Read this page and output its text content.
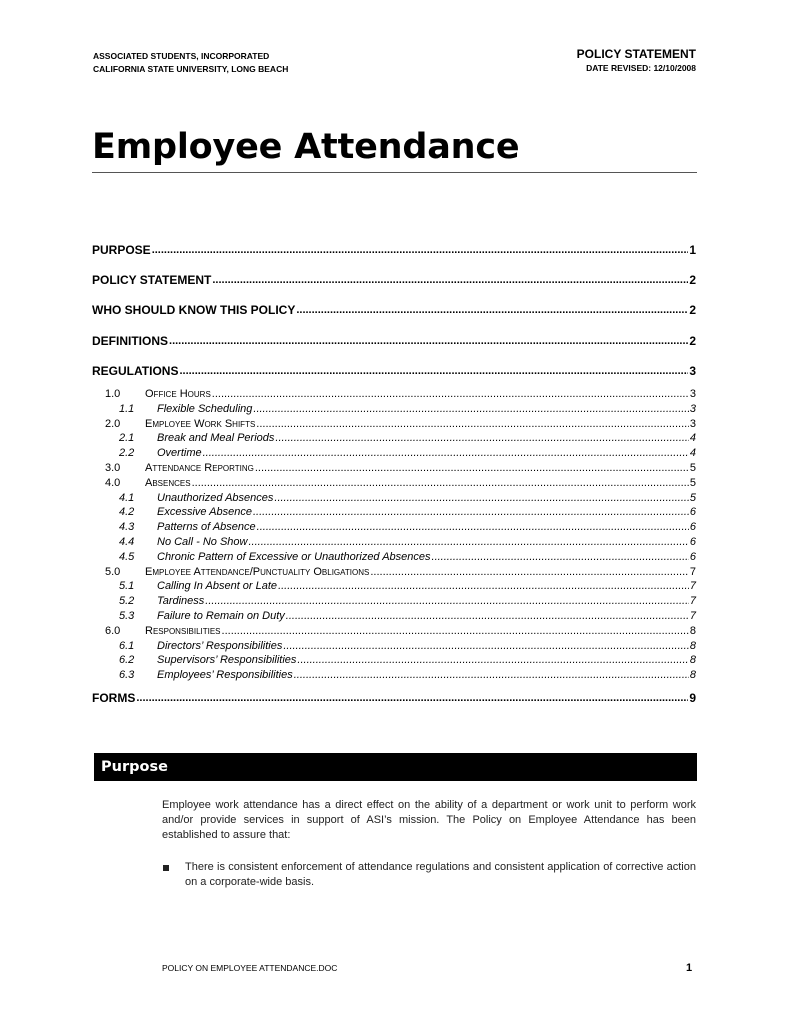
ASSOCIATED STUDENTS, INCORPORATED
CALIFORNIA STATE UNIVERSITY, LONG BEACH
POLICY STATEMENT
DATE REVISED: 12/10/2008
Employee Attendance
PURPOSE .....	1
POLICY STATEMENT .....	2
WHO SHOULD KNOW THIS POLICY .....	2
DEFINITIONS .....	2
REGULATIONS .....	3
1.0	Office Hours .....	3
1.1	Flexible Scheduling .....	3
2.0	Employee Work Shifts .....	3
2.1	Break and Meal Periods .....	4
2.2	Overtime .....	4
3.0	Attendance Reporting .....	5
4.0	Absences .....	5
4.1	Unauthorized Absences .....	5
4.2	Excessive Absence .....	6
4.3	Patterns of Absence .....	6
4.4	No Call - No Show .....	6
4.5	Chronic Pattern of Excessive or Unauthorized Absences .....	6
5.0	Employee Attendance/Punctuality Obligations .....	7
5.1	Calling In Absent or Late .....	7
5.2	Tardiness .....	7
5.3	Failure to Remain on Duty .....	7
6.0	Responsibilities .....	8
6.1	Directors’ Responsibilities .....	8
6.2	Supervisors’ Responsibilities .....	8
6.3	Employees’ Responsibilities .....	8
FORMS .....	9
Purpose
Employee work attendance has a direct effect on the ability of a department or work unit to perform work and/or provide services in support of ASI’s mission. The Policy on Employee Attendance has been established to assure that:
There is consistent enforcement of attendance regulations and consistent application of corrective action on a corporate-wide basis.
POLICY ON EMPLOYEE ATTENDANCE.DOC	1
